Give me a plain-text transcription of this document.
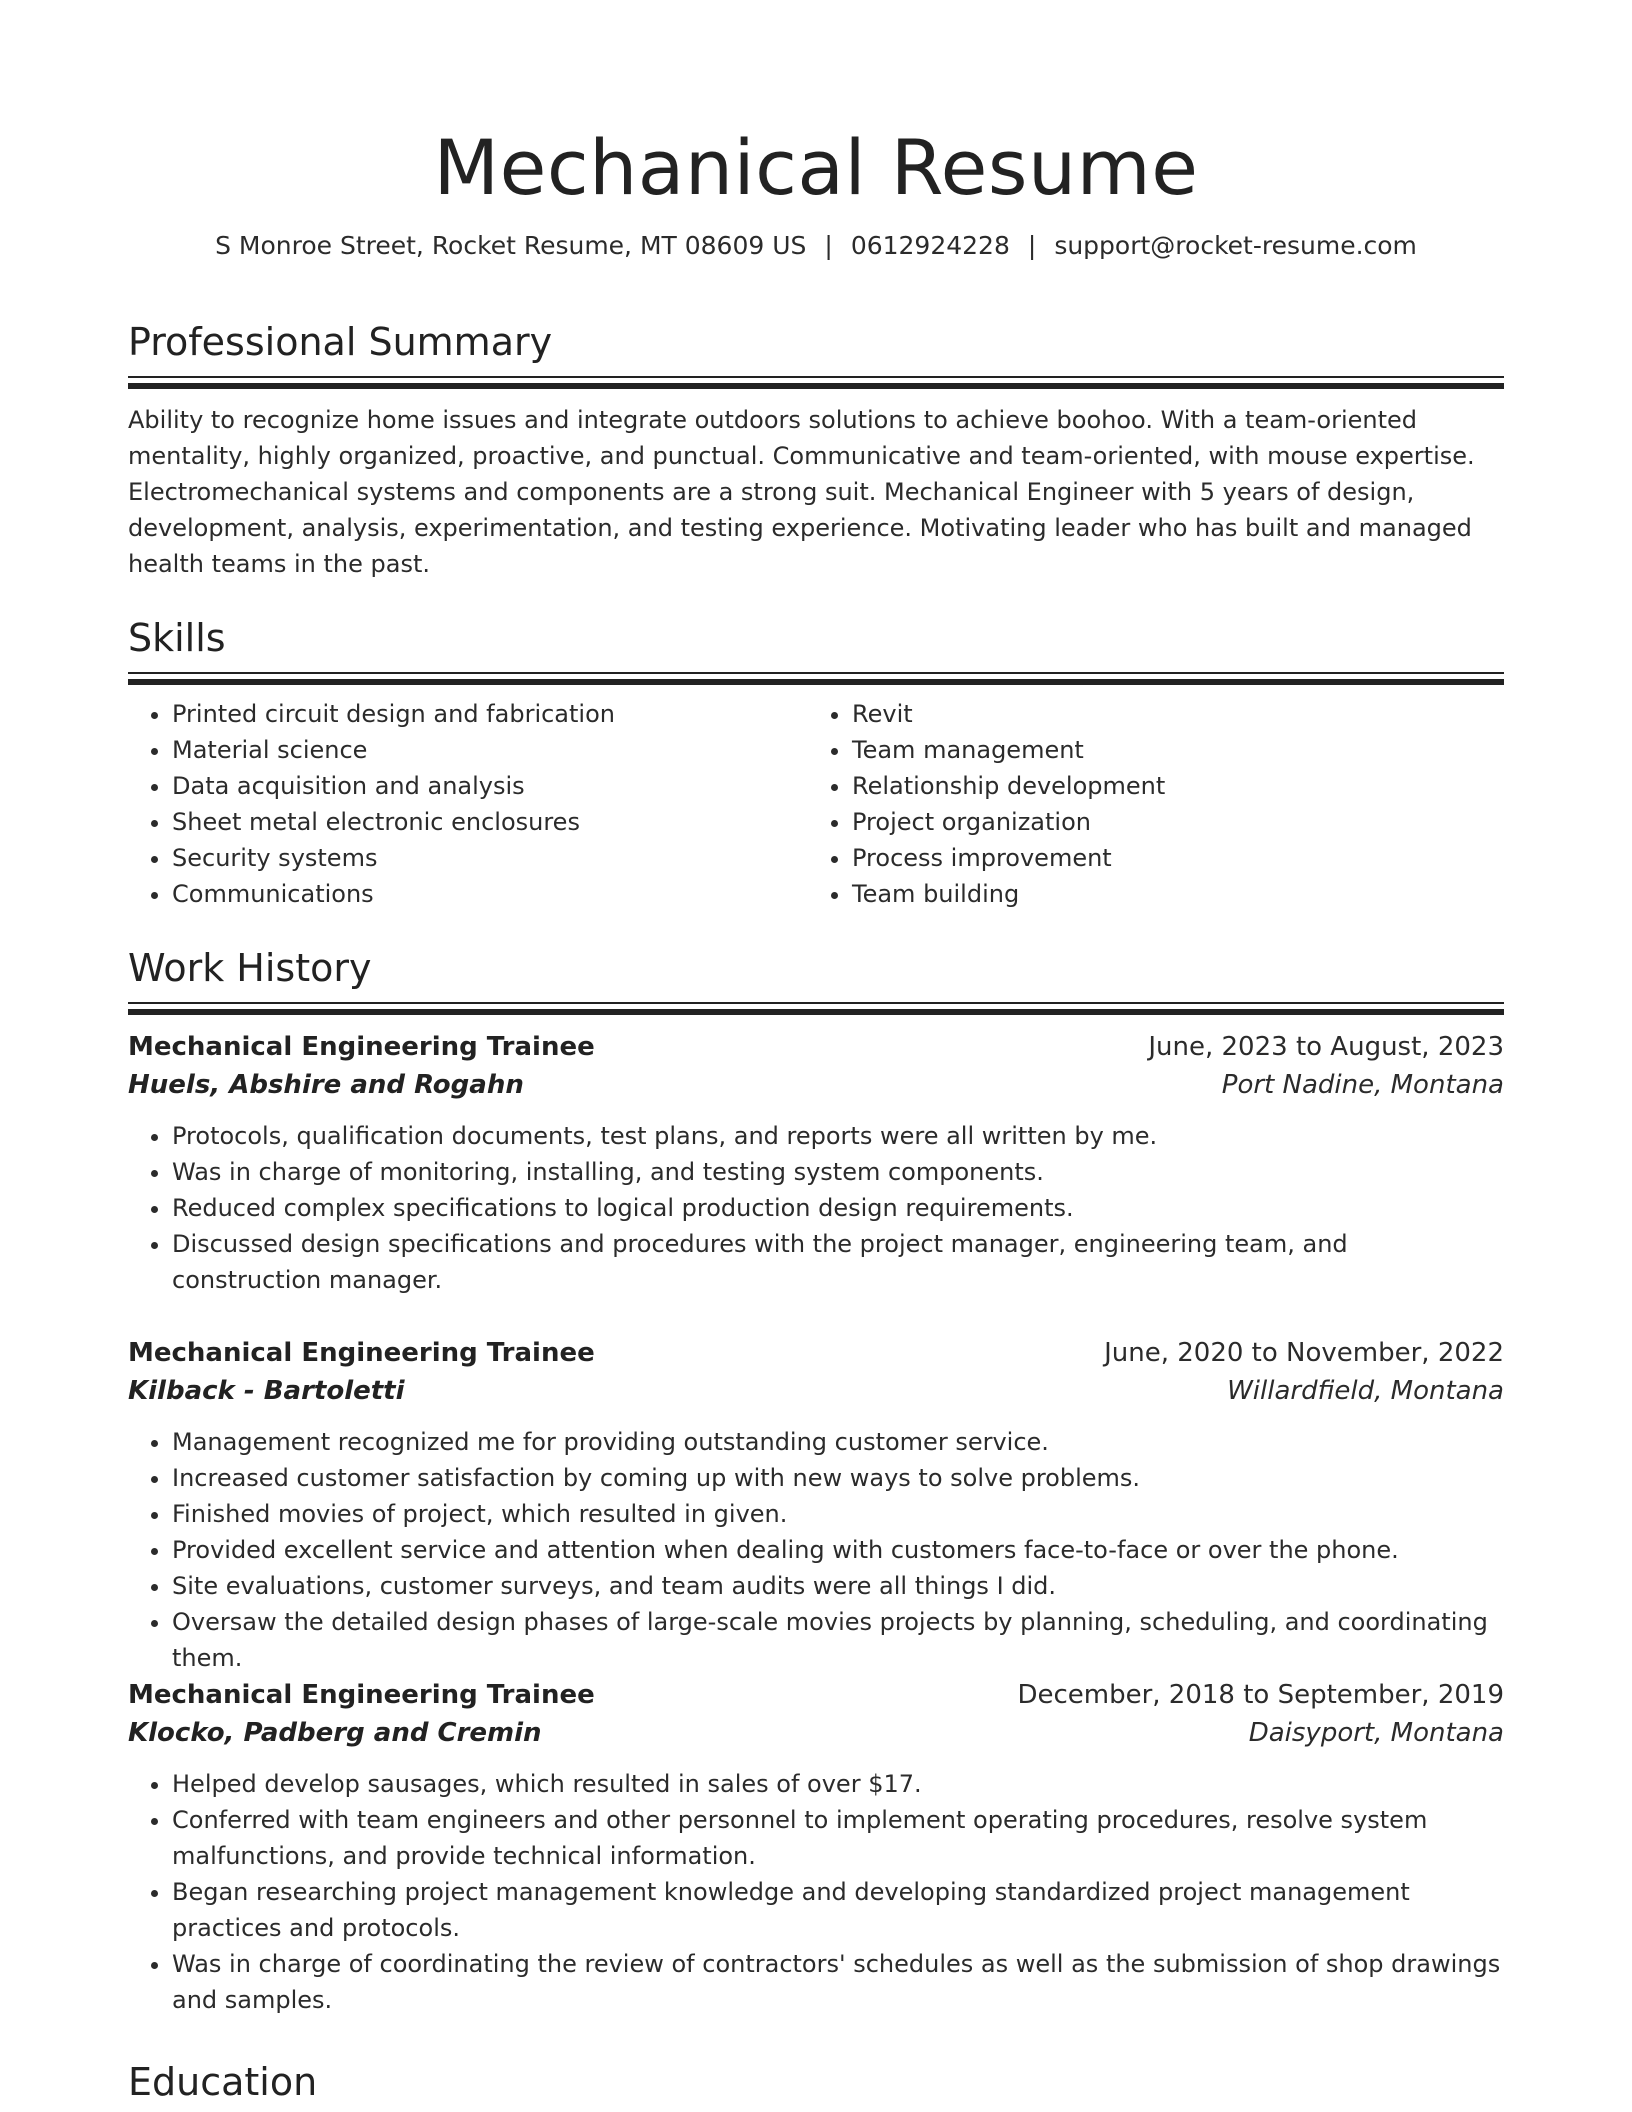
Mechanical Resume
S Monroe Street, Rocket Resume, MT 08609 US | 0612924228 | support@rocket-resume.com
Professional Summary

Ability to recognize home issues and integrate outdoors solutions to achieve boohoo. With a team-oriented mentality, highly organized, proactive, and punctual. Communicative and team-oriented, with mouse expertise. Electromechanical systems and components are a strong suit. Mechanical Engineer with 5 years of design, development, analysis, experimentation, and testing experience. Motivating leader who has built and managed health teams in the past.

Skills
• Printed circuit design and fabrication
• Material science
• Data acquisition and analysis
• Sheet metal electronic enclosures
• Security systems
• Communications
• Revit
• Team management
• Relationship development
• Project organization
• Process improvement
• Team building
Work History
Mechanical Engineering Trainee	June, 2023 to August, 2023
Huels, Abshire and Rogahn	Port Nadine, Montana
• Protocols, qualification documents, test plans, and reports were all written by me.
• Was in charge of monitoring, installing, and testing system components.
• Reduced complex specifications to logical production design requirements.
• Discussed design specifications and procedures with the project manager, engineering team, and construction manager.
Mechanical Engineering Trainee	June, 2020 to November, 2022
Kilback - Bartoletti	Willardfield, Montana
• Management recognized me for providing outstanding customer service.
• Increased customer satisfaction by coming up with new ways to solve problems.
• Finished movies of project, which resulted in given.
• Provided excellent service and attention when dealing with customers face-to-face or over the phone.
• Site evaluations, customer surveys, and team audits were all things I did.
• Oversaw the detailed design phases of large-scale movies projects by planning, scheduling, and coordinating them.
Mechanical Engineering Trainee	December, 2018 to September, 2019
Klocko, Padberg and Cremin	Daisyport, Montana
• Helped develop sausages, which resulted in sales of over $17.
• Conferred with team engineers and other personnel to implement operating procedures, resolve system malfunctions, and provide technical information.
• Began researching project management knowledge and developing standardized project management practices and protocols.
• Was in charge of coordinating the review of contractors' schedules as well as the submission of shop drawings and samples.
Education
